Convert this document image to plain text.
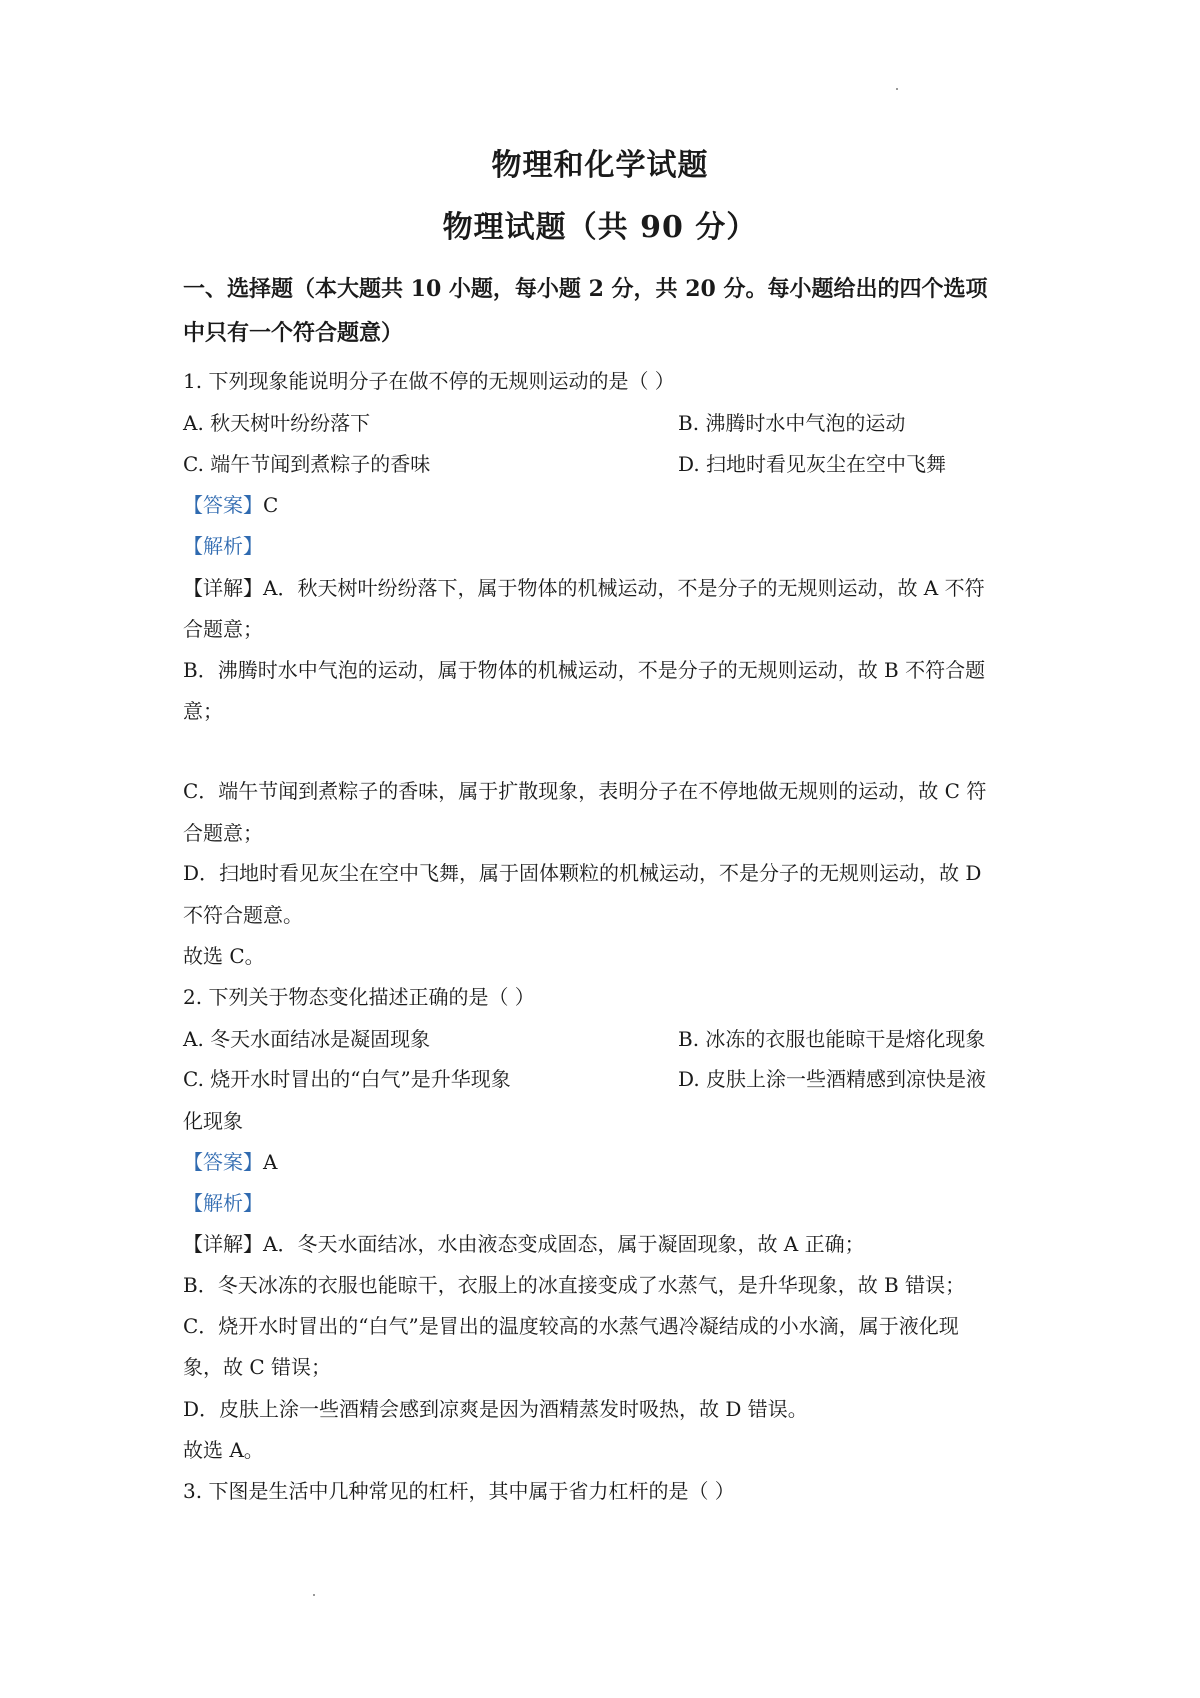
物理和化学试题
物理试题（共 90 分）
一、选择题（本大题共 10 小题，每小题 2 分，共 20 分。每小题给出的四个选项
中只有一个符合题意）
1. 下列现象能说明分子在做不停的无规则运动的是（ ）
A. 秋天树叶纷纷落下	B. 沸腾时水中气泡的运动
C. 端午节闻到煮粽子的香味	D. 扫地时看见灰尘在空中飞舞
【答案】C
【解析】
【详解】A．秋天树叶纷纷落下，属于物体的机械运动，不是分子的无规则运动，故 A 不符
合题意；
B．沸腾时水中气泡的运动，属于物体的机械运动，不是分子的无规则运动，故 B 不符合题
意；
C．端午节闻到煮粽子的香味，属于扩散现象，表明分子在不停地做无规则的运动，故 C 符
合题意；
D．扫地时看见灰尘在空中飞舞，属于固体颗粒的机械运动，不是分子的无规则运动，故 D
不符合题意。
故选 C。
2. 下列关于物态变化描述正确的是（ ）
A. 冬天水面结冰是凝固现象	B. 冰冻的衣服也能晾干是熔化现象
C. 烧开水时冒出的“白气”是升华现象	D. 皮肤上涂一些酒精感到凉快是液
化现象
【答案】A
【解析】
【详解】A．冬天水面结冰，水由液态变成固态，属于凝固现象，故 A 正确；
B．冬天冰冻的衣服也能晾干，衣服上的冰直接变成了水蒸气，是升华现象，故 B 错误；
C．烧开水时冒出的“白气”是冒出的温度较高的水蒸气遇冷凝结成的小水滴，属于液化现
象，故 C 错误；
D．皮肤上涂一些酒精会感到凉爽是因为酒精蒸发时吸热，故 D 错误。
故选 A。
3. 下图是生活中几种常见的杠杆，其中属于省力杠杆的是（ ）
